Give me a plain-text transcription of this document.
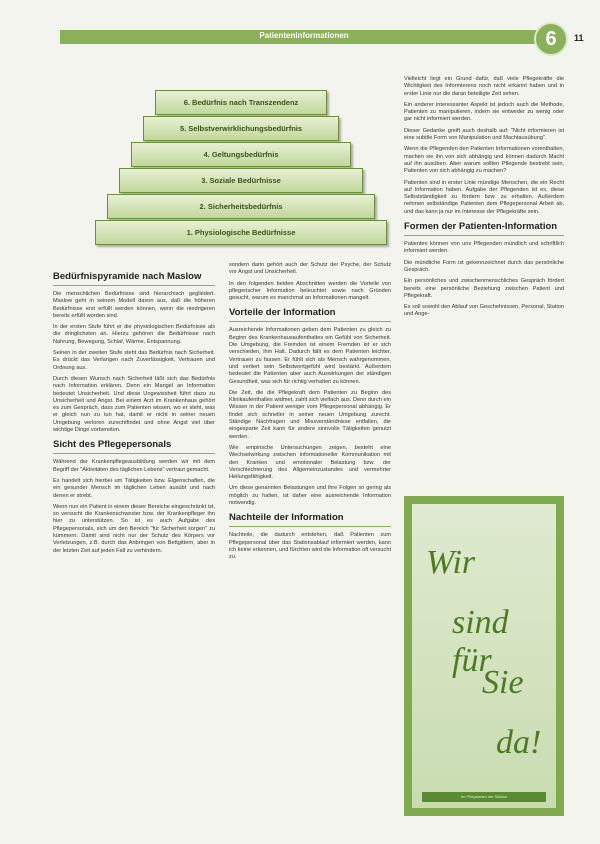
Patienteninformationen	6	11
6. Bedürfnis nach Transzendenz
5. Selbstverwirklichungsbedürfnis
4. Geltungsbedürfnis
3. Soziale Bedürfnisse
2. Sicherheitsbedürfnis
1. Physiologische Bedürfnisse
Bedürfnispyramide nach Maslow

Die menschlichen Bedürfnisse sind hierarchisch gegliedert. Maslow geht in seinem Modell davon aus, daß die höheren Bedürfnisse erst erfüllt werden können, wenn die niedrigeren bereits erfüllt worden sind.

In der ersten Stufe führt er die physiologischen Bedürfnisse als die dringlichsten an. Hierzu gehören die Bedürfnisse nach Nahrung, Bewegung, Schlaf, Wärme, Entspannung.

Seinen in der zweiten Stufe steht das Bedürfnis nach Sicherheit. Es drückt das Verlangen nach Zuverlässigkeit, Vertrauen und Ordnung aus.

Durch diesen Wunsch nach Sicherheit läßt sich das Bedürfnis nach Information erklären. Denn ein Mangel an Information bedeutet Unsicherheit. Und diese Ungewissheit führt dazu zu Unsicherheit und Angst. Bei einem Arzt im Krankenhaus gehört es zum Gespräch, dass zum Patienten wissen, wo er steht, was er gleich nun zu tun hat, damit er nicht in seiner neuen Umgebung verloren zurechtfindet und ohne Angst viel über wichtige Dinge vorbereiten.

Sicht des Pflegepersonals

Während der Krankenpflegeausbildung werden wir mit dem Begriff der "Aktivitäten des täglichen Lebens" vertraut gemacht.

Es handelt sich hierbei um Tätigkeiten bzw. Eigenschaften, die ein gesunder Mensch im täglichen Leben ausübt und nach denen er strebt.

Wenn nun ein Patient in einem dieser Bereiche eingeschränkt ist, so versucht die Krankenschwester bzw. der Krankenpfleger ihn hier zu unterstützen. So ist es auch Aufgabe des Pflegepersonals, sich um den Bereich "für Sicherheit sorgen" zu kümmern. Damit sind nicht nur der Schutz des Körpers vor Verletzungen, z.B. durch das Anbringen von Bettgittern, aber in der letzten Zeit auf jeden Fall zu verhindern.

sondern darin gehört auch der Schutz der Psyche, der Schutz vor Angst und Unsicherheit.

In den folgenden beiden Abschnitten werden die Vorteile von pflegerischer Information beleuchtet sowie nach Gründen gesucht, warum es manchmal an Informationen mangelt.

Vorteile der Information

Ausreichende Informationen geben dem Patienten zu gleich zu Beginn des Krankenhausaufenthaltes ein Gefühl von Sicherheit. Die Umgebung, die Fremden ist einem Fremden ist er sich verschieden, ihm Halt. Dadurch fällt es dem Patienten leichter, Vertrauen zu fassen. Er fühlt sich als Mensch wahrgenommen, und verliert sein Selbstwertgefühl wird bestärkt. Außerdem bedeutet die Patienten aber auch Auswirkungen der ständigen Gesundheit, was sich für richtig verhalten zu können.

Die Zeit, die die Pflegekraft dem Patienten zu Beginn des Klinikaufenthaltes widmet, zahlt sich vielfach aus. Denn durch ein Wissen in der Patient weniger vom Pflegepersonal abhängig. Er findet sich schneller in seiner neuen Umgebung zurecht. Ständige Nachfragen und Missverständnisse entfallen, die eingesparte Zeit kann für andere sinnvolle Tätigkeiten genutzt werden.

Wie empirische Untersuchungen zeigen, besteht eine Wechselwirkung zwischen informationeller Kommunikation mit den Kranken und emotionaler Belastung bzw. der Verschlechterung des Allgemeinzustandes und vermehrter Heilungsfähigkeit.

Um diese genannten Belastungen und ihre Folgen so gering als möglich zu halten, ist daher eine ausreichende Information notwendig.

Nachteile der Information

Nachteile, die dadurch entstehen, daß Patienten zum Pflegepersonal über das Stationsablauf informiert werden, kann ich keine erkennen, und fürchten wird die Information oft versucht zu.

Vielleicht liegt ein Grund dafür, daß viele Pflegekräfte die Wichtigkeit des Informierens noch nicht erkannt haben und in erster Linie nur die daran beteiligte Zeit sehen.

Ein anderer interessanter Aspekt ist jedoch auch die Methode, Patienten zu manipulieren, indem sie entweder zu wenig oder gar nicht informiert werden.

Dieser Gedanke greift auch deshalb auf: "Nicht informieren ist eine subtile Form von Manipulation und Machtausübung".

Wenn die Pflegenden den Patienten Informationen vorenthalten, machen sie ihn von sich abhängig und können dadurch Macht auf ihn ausüben. Aber warum sollten Pflegende bestrebt sein, Patienten von sich abhängig zu machen?

Patienten sind in erster Linie mündige Menschen, die ein Recht auf Information haben. Aufgabe der Pflegenden ist es, diese Selbstständigkeit zu fördern bzw. zu erhalten. Außerdem nehmen selbständige Patienten dem Pflegepersonal Arbeit ab, und das kann ja nur im Interesse der Pflegekräfte sein.

Formen der Patienten-Information

Patienten können von uns Pflegenden mündlich und schriftlich informiert werden.

Die mündliche Form ist gekennzeichnet durch das persönliche Gespräch.

Ein persönliches und zwischenmenschliches Gespräch fördert bereits eine persönliche Beziehung zwischen Patient und Pflegekraft.

Es soll sowohl den Ablauf von Geschehnissen, Personal, Station und Ange-

Wir
sind für
Sie
da!
Ihr Pflegeteam der Station
